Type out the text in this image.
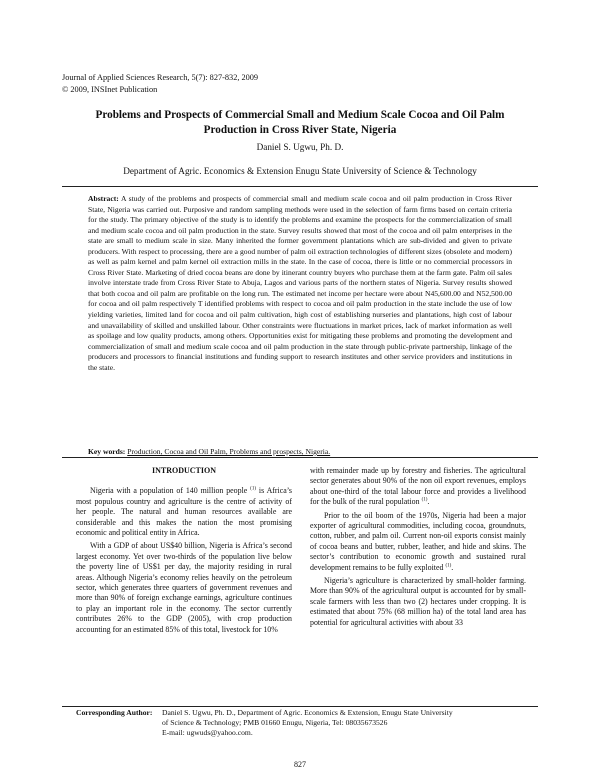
Journal of Applied Sciences Research, 5(7): 827-832, 2009
© 2009, INSInet Publication
Problems and Prospects of Commercial Small and Medium Scale Cocoa and Oil Palm Production in Cross River State, Nigeria
Daniel S. Ugwu, Ph. D.
Department of Agric. Economics & Extension Enugu State University of Science & Technology
Abstract: A study of the problems and prospects of commercial small and medium scale cocoa and oil palm production in Cross River State, Nigeria was carried out. Purposive and random sampling methods were used in the selection of farm firms based on certain criteria for the study. The primary objective of the study is to identify the problems and examine the prospects for the commercialization of small and medium scale cocoa and oil palm production in the state. Survey results showed that most of the cocoa and oil palm enterprises in the state are small to medium scale in size. Many inherited the former government plantations which are sub-divided and given to private producers. With respect to processing, there are a good number of palm oil extraction technologies of different sizes (obsolete and modern) as well as palm kernel and palm kernel oil extraction mills in the state. In the case of cocoa, there is little or no commercial processors in Cross River State. Marketing of dried cocoa beans are done by itinerant country buyers who purchase them at the farm gate. Palm oil sales involve interstate trade from Cross River State to Abuja, Lagos and various parts of the northern states of Nigeria. Survey results showed that both cocoa and oil palm are profitable on the long run. The estimated net income per hectare were about N45,600.00 and N52,500.00 for cocoa and oil palm respectively T identified problems with respect to cocoa and oil palm production in the state include the use of low yielding varieties, limited land for cocoa and oil palm cultivation, high cost of establishing nurseries and plantations, high cost of labour and unavailability of skilled and unskilled labour. Other constraints were fluctuations in market prices, lack of market information as well as spoilage and low quality products, among others. Opportunities exist for mitigating these problems and promoting the development and commercialization of small and medium scale cocoa and oil palm production in the state through public-private partnership, linkage of the producers and processors to financial institutions and funding support to research institutes and other service providers and institutions in the state.
Key words: Production, Cocoa and Oil Palm, Problems and prospects, Nigeria.
INTRODUCTION

Nigeria with a population of 140 million people $^{(1)}$ is Africa’s most populous country and agriculture is the centre of activity of her people. The natural and human resources available are considerable and this makes the nation the most promising economic and political entity in Africa.

With a GDP of about US$40 billion, Nigeria is Africa’s second largest economy. Yet over two-thirds of the population live below the poverty line of US$1 per day, the majority residing in rural areas. Although Nigeria’s economy relies heavily on the petroleum sector, which generates three quarters of government revenues and more than 90% of foreign exchange earnings, agriculture continues to play an important role in the economy. The sector currently contributes 26% to the GDP (2005), with crop production accounting for an estimated 85% of this total, livestock for 10%

with remainder made up by forestry and fisheries. The agricultural sector generates about 90% of the non oil export revenues, employs about one-third of the total labour force and provides a livelihood for the bulk of the rural population $^{(1)}$.

Prior to the oil boom of the 1970s, Nigeria had been a major exporter of agricultural commodities, including cocoa, groundnuts, cotton, rubber, and palm oil. Current non-oil exports consist mainly of cocoa beans and butter, rubber, leather, and hide and skins. The sector’s contribution to economic growth and sustained rural development remains to be fully exploited $^{(1)}$.

Nigeria’s agriculture is characterized by small-holder farming. More than 90% of the agricultural output is accounted for by small-scale farmers with less than two (2) hectares under cropping. It is estimated that about 75% (68 million ha) of the total land area has potential for agricultural activities with about 33

Corresponding Author: Daniel S. Ugwu, Ph. D., Department of Agric. Economics & Extension, Enugu State University
of Science & Technology; PMB 01660 Enugu, Nigeria, Tel: 08035673526
E-mail: ugwuds@yahoo.com.
827
